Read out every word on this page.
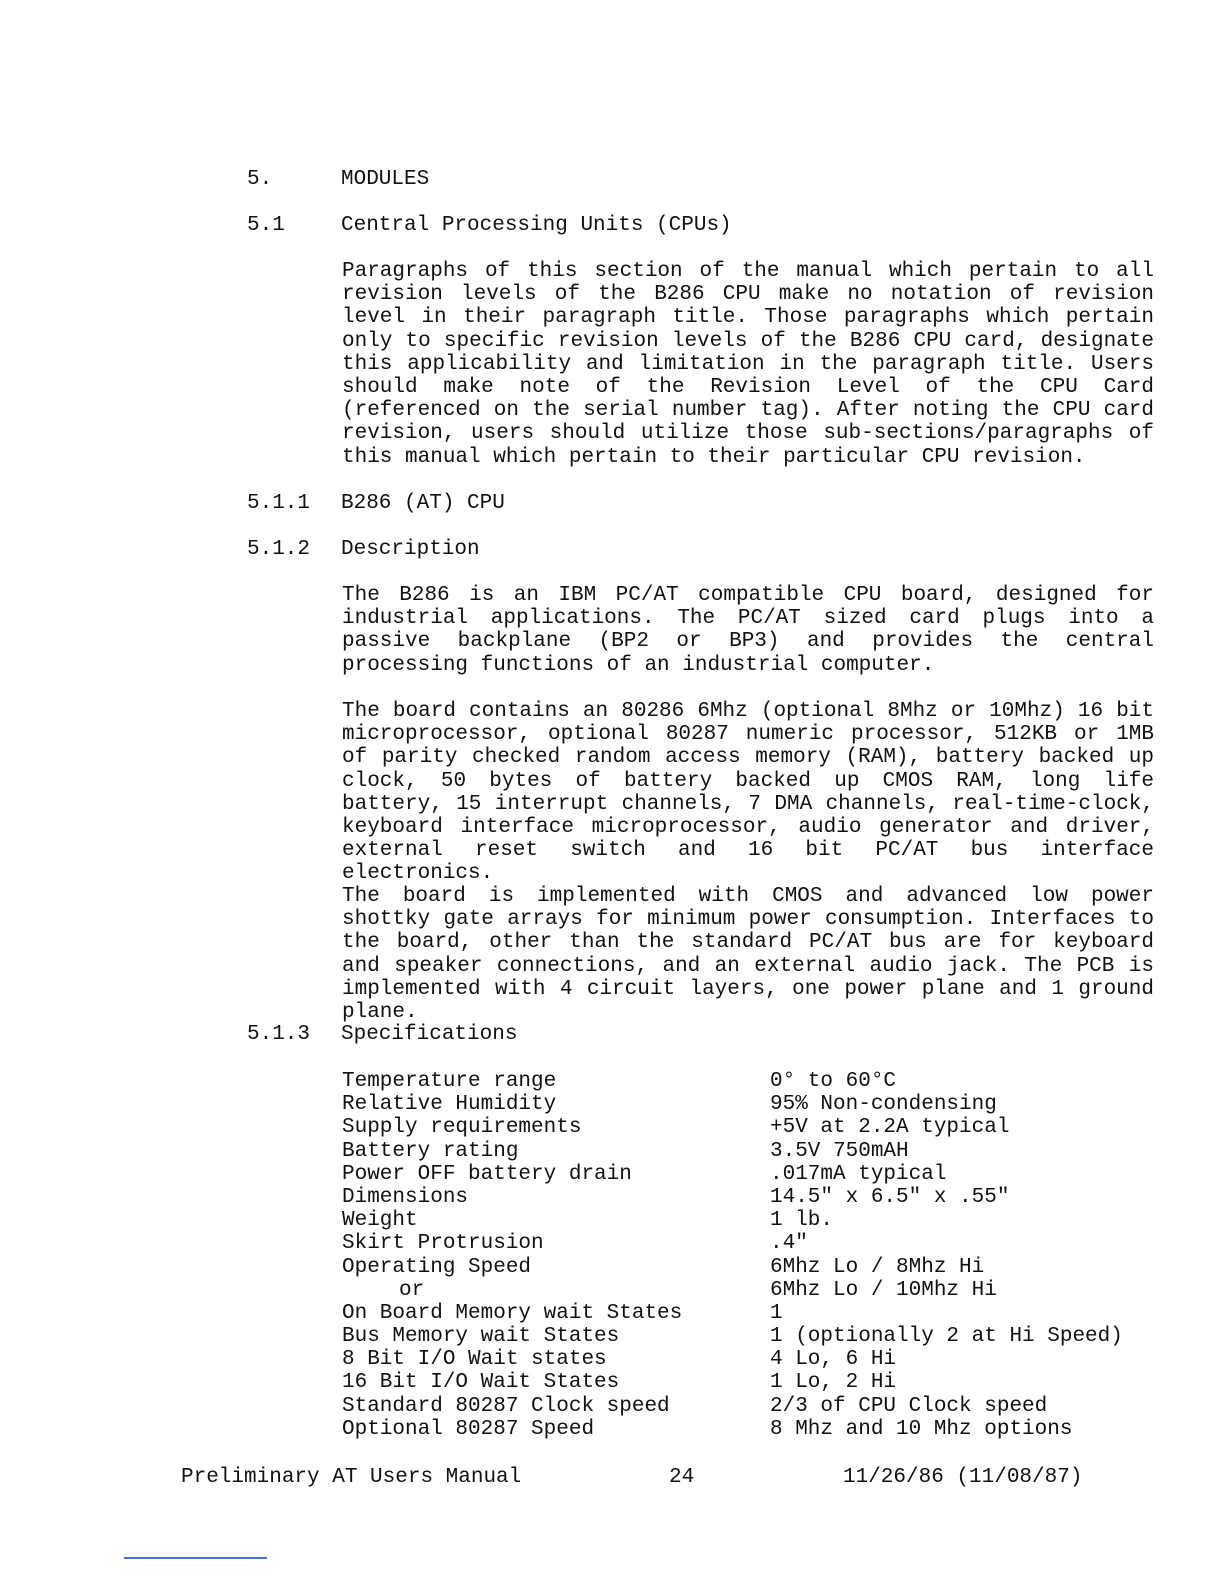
5.	MODULES
5.1	Central Processing Units (CPUs)

Paragraphs of this section of the manual which pertain to all revision levels of the B286 CPU make no notation of revision level in their paragraph title. Those paragraphs which pertain only to specific revision levels of the B286 CPU card, designate this applicability and limitation in the paragraph title. Users should make note of the Revision Level of the CPU Card (referenced on the serial number tag). After noting the CPU card revision, users should utilize those sub-sections/paragraphs of this manual which pertain to their particular CPU revision.

5.1.1 B286 (AT) CPU
5.1.2 Description

The B286 is an IBM PC/AT compatible CPU board, designed for industrial applications. The PC/AT sized card plugs into a passive backplane (BP2 or BP3) and provides the central processing functions of an industrial computer.

The board contains an 80286 6Mhz (optional 8Mhz or 10Mhz) 16 bit microprocessor, optional 80287 numeric processor, 512KB or 1MB of parity checked random access memory (RAM), battery backed up clock, 50 bytes of battery backed up CMOS RAM, long life battery, 15 interrupt channels, 7 DMA channels, real-time-clock, keyboard interface microprocessor, audio generator and driver, external reset switch and 16 bit PC/AT bus interface electronics.

The board is implemented with CMOS and advanced low power shottky gate arrays for minimum power consumption. Interfaces to the board, other than the standard PC/AT bus are for keyboard and speaker connections, and an external audio jack. The PCB is implemented with 4 circuit layers, one power plane and 1 ground plane.

5.1.3 Specifications
Temperature range	0° to 60°C
Relative Humidity	95% Non-condensing
Supply requirements	+5V at 2.2A typical
Battery rating	3.5V 750mAH
Power OFF battery drain	.017mA typical
Dimensions	14.5" x 6.5" x .55"
Weight	1 lb.
Skirt Protrusion	.4"
Operating Speed	6Mhz Lo / 8Mhz Hi
or	6Mhz Lo / 10Mhz Hi
On Board Memory wait States	1
Bus Memory wait States	1 (optionally 2 at Hi Speed)
8 Bit I/O Wait states	4 Lo, 6 Hi
16 Bit I/O Wait States	1 Lo, 2 Hi
Standard 80287 Clock speed	2/3 of CPU Clock speed
Optional 80287 Speed	8 Mhz and 10 Mhz options
Preliminary AT Users Manual	24	11/26/86 (11/08/87)
